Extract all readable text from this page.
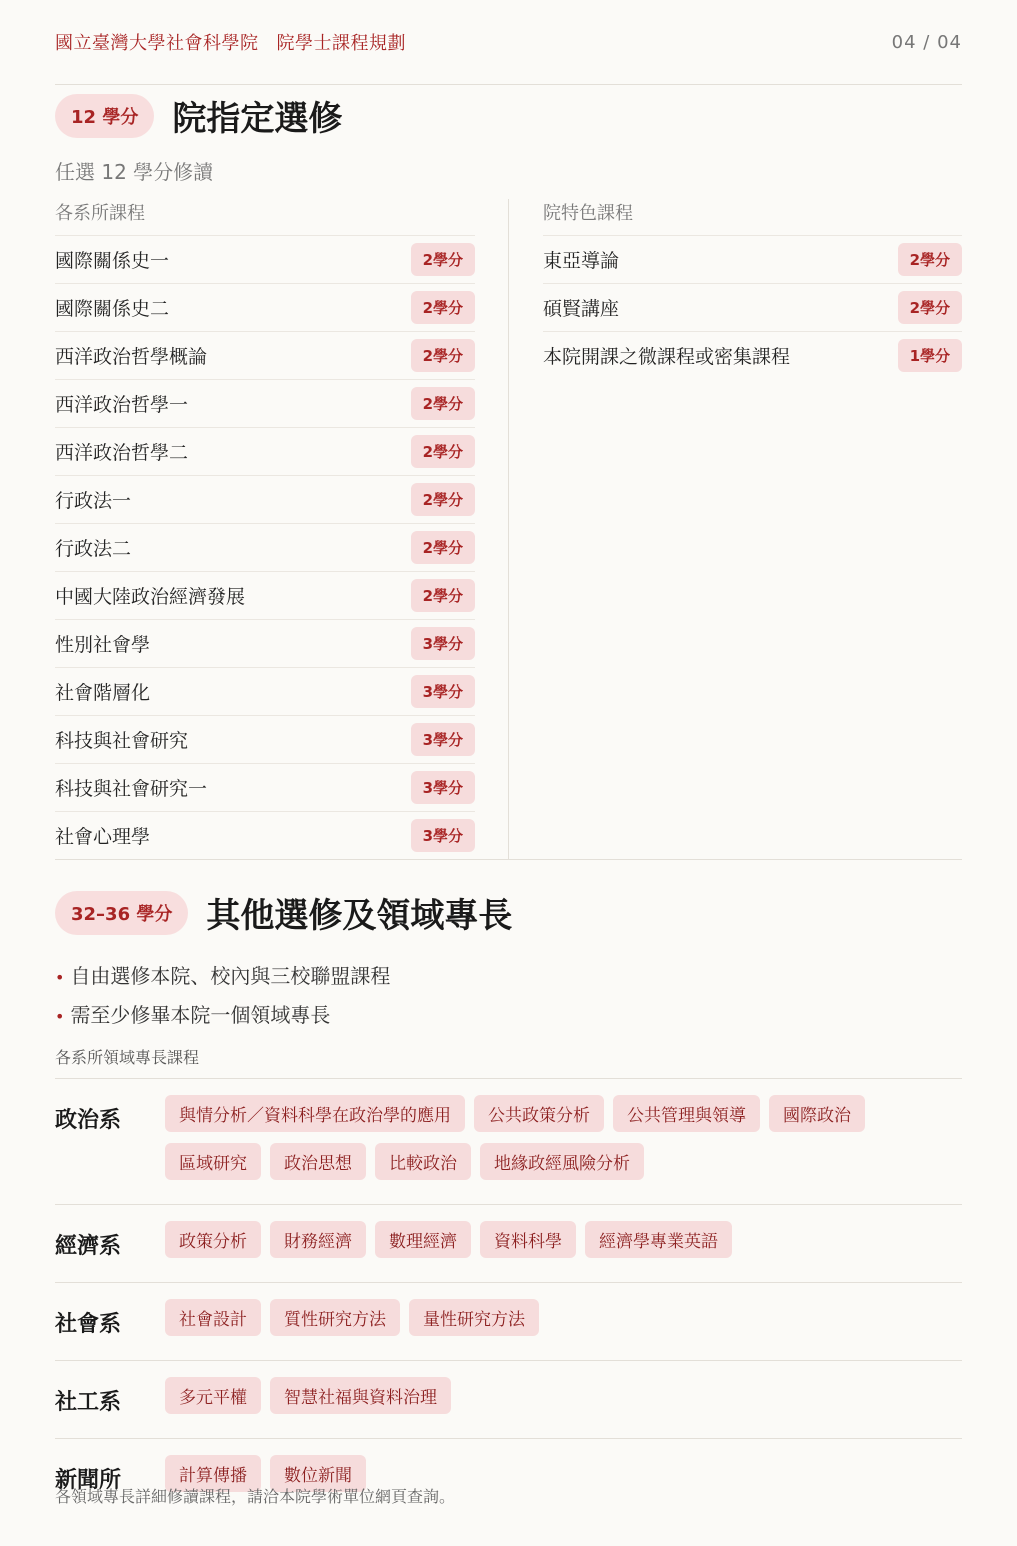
國立臺灣大學社會科學院 院學士課程規劃	04 / 04
12 學分	院指定選修
任選 12 學分修讀
各系所課程
國際關係史一	2學分
國際關係史二	2學分
西洋政治哲學概論	2學分
西洋政治哲學一	2學分
西洋政治哲學二	2學分
行政法一	2學分
行政法二	2學分
中國大陸政治經濟發展	2學分
性別社會學	3學分
社會階層化	3學分
科技與社會研究	3學分
科技與社會研究一	3學分
社會心理學	3學分
院特色課程
東亞導論	2學分
碩賢講座	2學分
本院開課之微課程或密集課程	1學分
32–36 學分	其他選修及領域專長
• 自由選修本院、校內與三校聯盟課程
• 需至少修畢本院一個領域專長
各系所領域專長課程
政治系	與情分析／資料科學在政治學的應用	公共政策分析	公共管理與領導	國際政治
區域研究	政治思想	比較政治	地緣政經風險分析
經濟系	政策分析	財務經濟	數理經濟	資料科學	經濟學專業英語
社會系	社會設計	質性研究方法	量性研究方法
社工系	多元平權	智慧社福與資料治理
新聞所	計算傳播	數位新聞
各領域專長詳細修讀課程，請洽本院學術單位網頁查詢。
